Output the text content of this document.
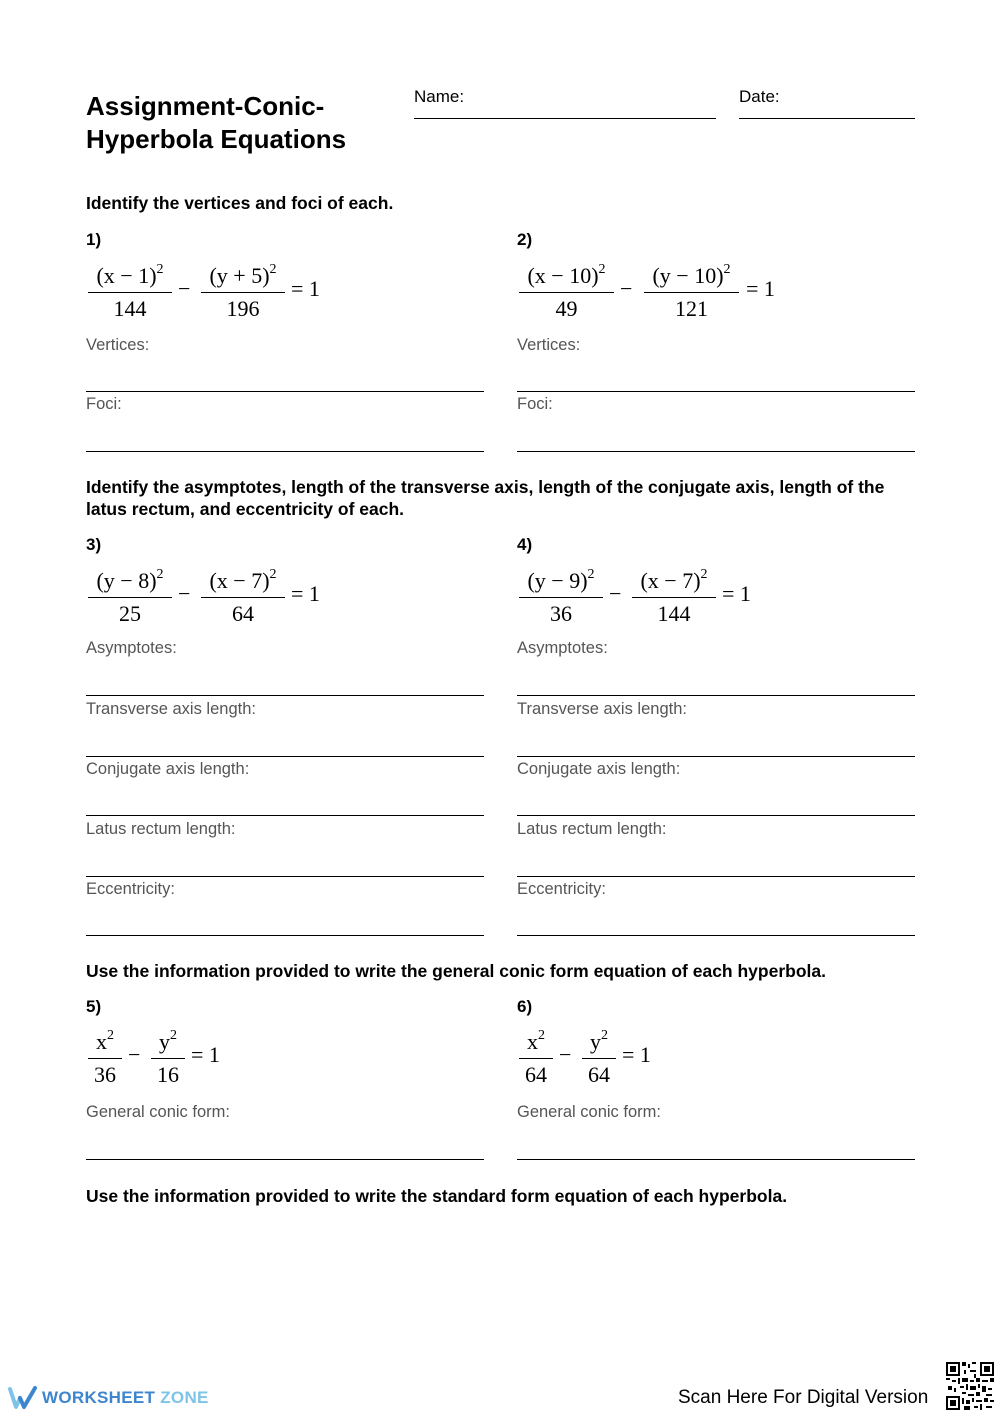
Assignment-Conic-
Hyperbola Equations
Name:	Date:
Identify the vertices and foci of each.
1)
$\frac{(x - 1)^2}{144} - \frac{(y + 5)^2}{196} = 1$
Vertices:
Foci:
2)
$\frac{(x - 10)^2}{49} - \frac{(y - 10)^2}{121} = 1$
Vertices:
Foci:
Identify the asymptotes, length of the transverse axis, length of the conjugate axis, length of the latus rectum, and eccentricity of each.
3)
$\frac{(y - 8)^2}{25} - \frac{(x - 7)^2}{64} = 1$
Asymptotes:
Transverse axis length:
Conjugate axis length:
Latus rectum length:
Eccentricity:
4)
$\frac{(y - 9)^2}{36} - \frac{(x - 7)^2}{144} = 1$
Asymptotes:
Transverse axis length:
Conjugate axis length:
Latus rectum length:
Eccentricity:
Use the information provided to write the general conic form equation of each hyperbola.
5)
$\frac{x^2}{36} - \frac{y^2}{16} = 1$
General conic form:
6)
$\frac{x^2}{64} - \frac{y^2}{64} = 1$
General conic form:
Use the information provided to write the standard form equation of each hyperbola.
WORKSHEET ZONE	Scan Here For Digital Version
